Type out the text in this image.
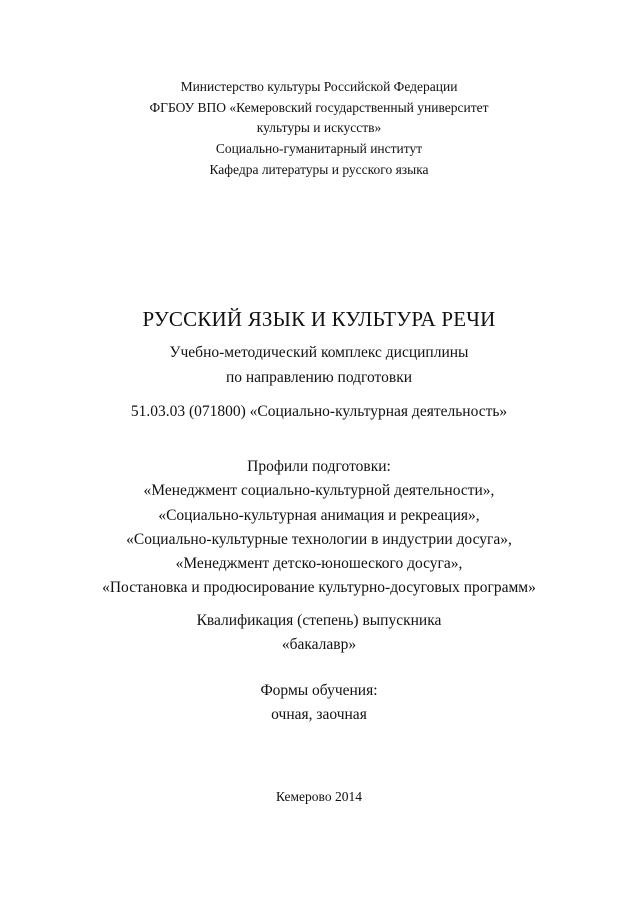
Министерство культуры Российской Федерации
ФГБОУ ВПО «Кемеровский государственный университет
культуры и искусств»
Социально-гуманитарный институт
Кафедра литературы и русского языка
РУССКИЙ ЯЗЫК И КУЛЬТУРА РЕЧИ
Учебно-методический комплекс дисциплины
по направлению подготовки
51.03.03 (071800) «Социально-культурная деятельность»
Профили подготовки:
«Менеджмент социально-культурной деятельности»,
«Социально-культурная анимация и рекреация»,
«Социально-культурные технологии в индустрии досуга»,
«Менеджмент детско-юношеского досуга»,
«Постановка и продюсирование культурно-досуговых программ»
Квалификация (степень) выпускника
«бакалавр»
Формы обучения:
очная, заочная
Кемерово 2014
